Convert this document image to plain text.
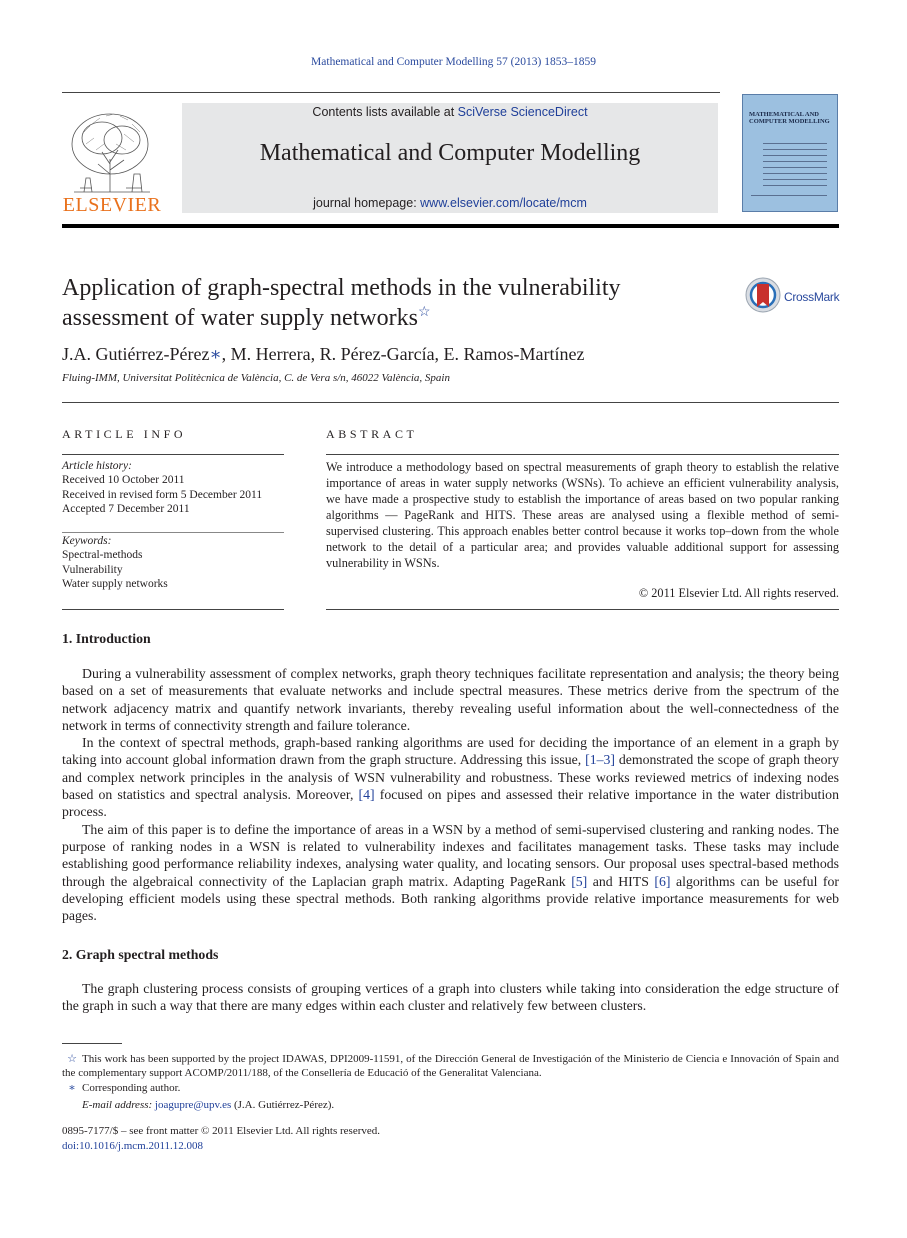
Mathematical and Computer Modelling 57 (2013) 1853–1859
ELSEVIER
Contents lists available at SciVerse ScienceDirect
Mathematical and Computer Modelling
journal homepage: www.elsevier.com/locate/mcm
MATHEMATICAL AND COMPUTER MODELLING
Application of graph-spectral methods in the vulnerability assessment of water supply networks☆
CrossMark
J.A. Gutiérrez-Pérez∗, M. Herrera, R. Pérez-García, E. Ramos-Martínez
Fluing-IMM, Universitat Politècnica de València, C. de Vera s/n, 46022 València, Spain
ARTICLE INFO	ABSTRACT
Article history:
Received 10 October 2011
Received in revised form 5 December 2011
Accepted 7 December 2011
Keywords:
Spectral-methods
Vulnerability
Water supply networks
We introduce a methodology based on spectral measurements of graph theory to establish the relative importance of areas in water supply networks (WSNs). To achieve an efficient vulnerability analysis, we have made a prospective study to establish the importance of areas based on two popular ranking algorithms — PageRank and HITS. These areas are analysed using a flexible method of semi-supervised clustering. This approach enables better control because it works top–down from the whole network to the detail of a particular area; and provides valuable additional support for assessing vulnerability in WSNs.
© 2011 Elsevier Ltd. All rights reserved.
1. Introduction

During a vulnerability assessment of complex networks, graph theory techniques facilitate representation and analysis; the theory being based on a set of measurements that evaluate networks and include spectral measures. These metrics derive from the spectrum of the network adjacency matrix and quantify network invariants, thereby revealing useful information about the well-connectedness of the network in terms of connectivity strength and failure tolerance.

In the context of spectral methods, graph-based ranking algorithms are used for deciding the importance of an element in a graph by taking into account global information drawn from the graph structure. Addressing this issue, [1–3] demonstrated the scope of graph theory and complex network principles in the analysis of WSN vulnerability and robustness. These works reviewed metrics of indexing nodes based on statistics and spectral analysis. Moreover, [4] focused on pipes and assessed their relative importance in the water distribution process.

The aim of this paper is to define the importance of areas in a WSN by a method of semi-supervised clustering and ranking nodes. The purpose of ranking nodes in a WSN is related to vulnerability indexes and facilitates management tasks. These tasks may include establishing good performance reliability indexes, analysing water quality, and locating sensors. Our proposal uses spectral-based methods through the algebraical connectivity of the Laplacian graph matrix. Adapting PageRank [5] and HITS [6] algorithms can be useful for developing efficient models using these spectral methods. Both ranking algorithms provide relative importance measurements for web pages.

2. Graph spectral methods

The graph clustering process consists of grouping vertices of a graph into clusters while taking into consideration the edge structure of the graph in such a way that there are many edges within each cluster and relatively few between clusters.

☆ This work has been supported by the project IDAWAS, DPI2009-11591, of the Dirección General de Investigación of the Ministerio de Ciencia e Innovación of Spain and the complementary support ACOMP/2011/188, of the Consellería de Educació of the Generalitat Valenciana.
∗ Corresponding author.
E-mail address: joagupre@upv.es (J.A. Gutiérrez-Pérez).
0895-7177/$ – see front matter © 2011 Elsevier Ltd. All rights reserved.
doi:10.1016/j.mcm.2011.12.008
